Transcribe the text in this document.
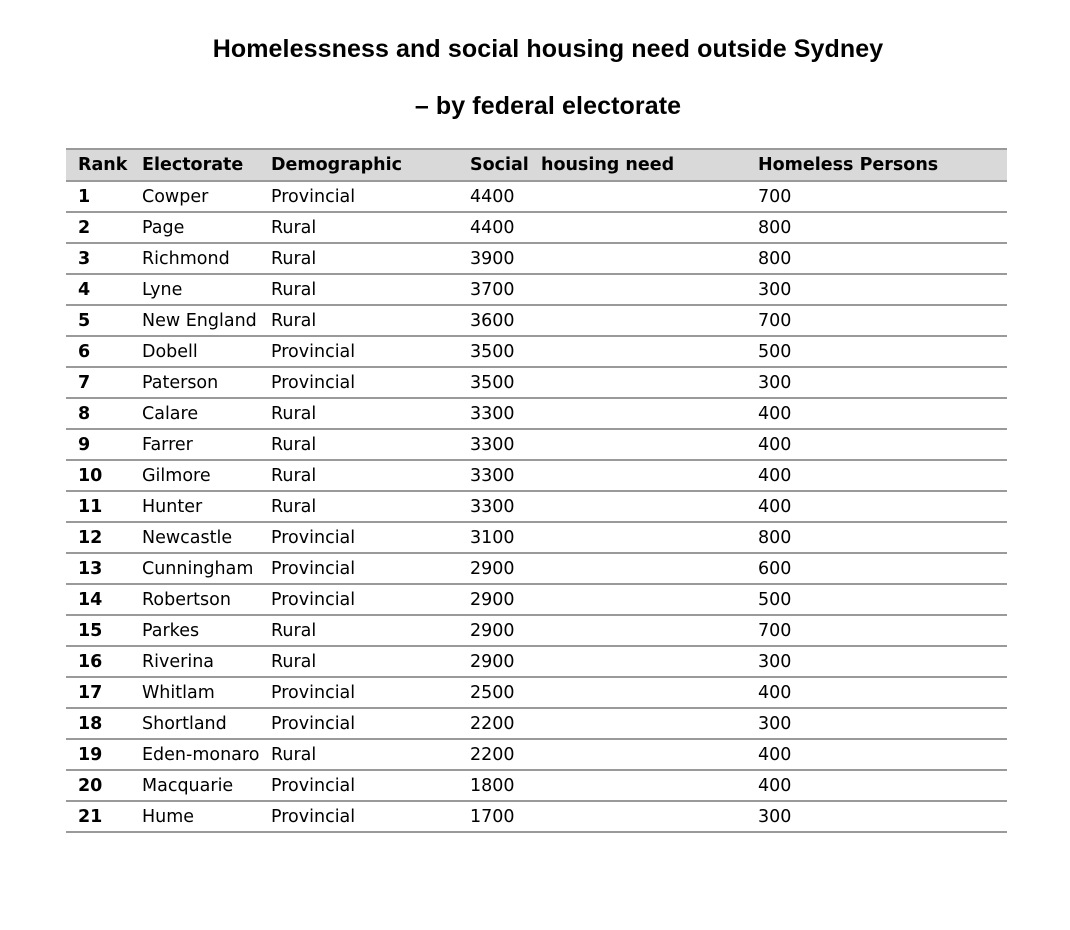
Homelessness and social housing need outside Sydney
– by federal electorate
Rank	Electorate	Demographic	Social  housing need	Homeless Persons
1	Cowper	Provincial	4400	700
2	Page	Rural	4400	800
3	Richmond	Rural	3900	800
4	Lyne	Rural	3700	300
5	New England	Rural	3600	700
6	Dobell	Provincial	3500	500
7	Paterson	Provincial	3500	300
8	Calare	Rural	3300	400
9	Farrer	Rural	3300	400
10	Gilmore	Rural	3300	400
11	Hunter	Rural	3300	400
12	Newcastle	Provincial	3100	800
13	Cunningham	Provincial	2900	600
14	Robertson	Provincial	2900	500
15	Parkes	Rural	2900	700
16	Riverina	Rural	2900	300
17	Whitlam	Provincial	2500	400
18	Shortland	Provincial	2200	300
19	Eden-monaro	Rural	2200	400
20	Macquarie	Provincial	1800	400
21	Hume	Provincial	1700	300
